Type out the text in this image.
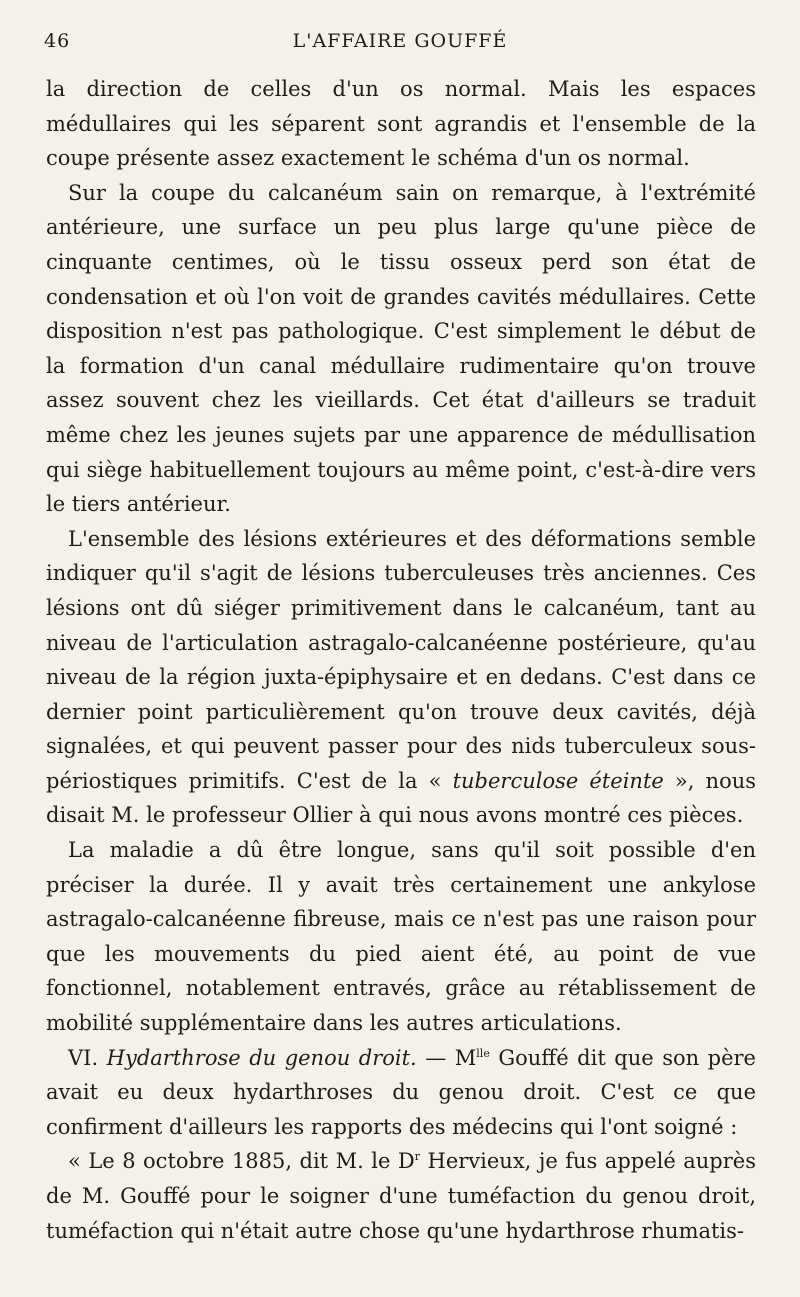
46	L'AFFAIRE GOUFFÉ

la direction de celles d'un os normal. Mais les espaces médullaires qui les séparent sont agrandis et l'ensemble de la coupe présente assez exactement le schéma d'un os normal.

Sur la coupe du calcanéum sain on remarque, à l'extrémité antérieure, une surface un peu plus large qu'une pièce de cinquante centimes, où le tissu osseux perd son état de condensation et où l'on voit de grandes cavités médullaires. Cette disposition n'est pas pathologique. C'est simplement le début de la formation d'un canal médullaire rudimentaire qu'on trouve assez souvent chez les vieillards. Cet état d'ailleurs se traduit même chez les jeunes sujets par une apparence de médullisation qui siège habituellement toujours au même point, c'est-à-dire vers le tiers antérieur.

L'ensemble des lésions extérieures et des déformations semble indiquer qu'il s'agit de lésions tuberculeuses très anciennes. Ces lésions ont dû siéger primitivement dans le calcanéum, tant au niveau de l'articulation astragalo-calcanéenne postérieure, qu'au niveau de la région juxta-épiphysaire et en dedans. C'est dans ce dernier point particulièrement qu'on trouve deux cavités, déjà signalées, et qui peuvent passer pour des nids tuberculeux sous-périostiques primitifs. C'est de la « tuberculose éteinte », nous disait M. le professeur Ollier à qui nous avons montré ces pièces.

La maladie a dû être longue, sans qu'il soit possible d'en préciser la durée. Il y avait très certainement une ankylose astragalo-calcanéenne fibreuse, mais ce n'est pas une raison pour que les mouvements du pied aient été, au point de vue fonctionnel, notablement entravés, grâce au rétablissement de mobilité supplémentaire dans les autres articulations.

VI. Hydarthrose du genou droit. — $M^{lle}$ Gouffé dit que son père avait eu deux hydarthroses du genou droit. C'est ce que confirment d'ailleurs les rapports des médecins qui l'ont soigné :

« Le 8 octobre 1885, dit M. le $D^r$ Hervieux, je fus appelé auprès de M. Gouffé pour le soigner d'une tuméfaction du genou droit, tuméfaction qui n'était autre chose qu'une hydarthrose rhumatis-
